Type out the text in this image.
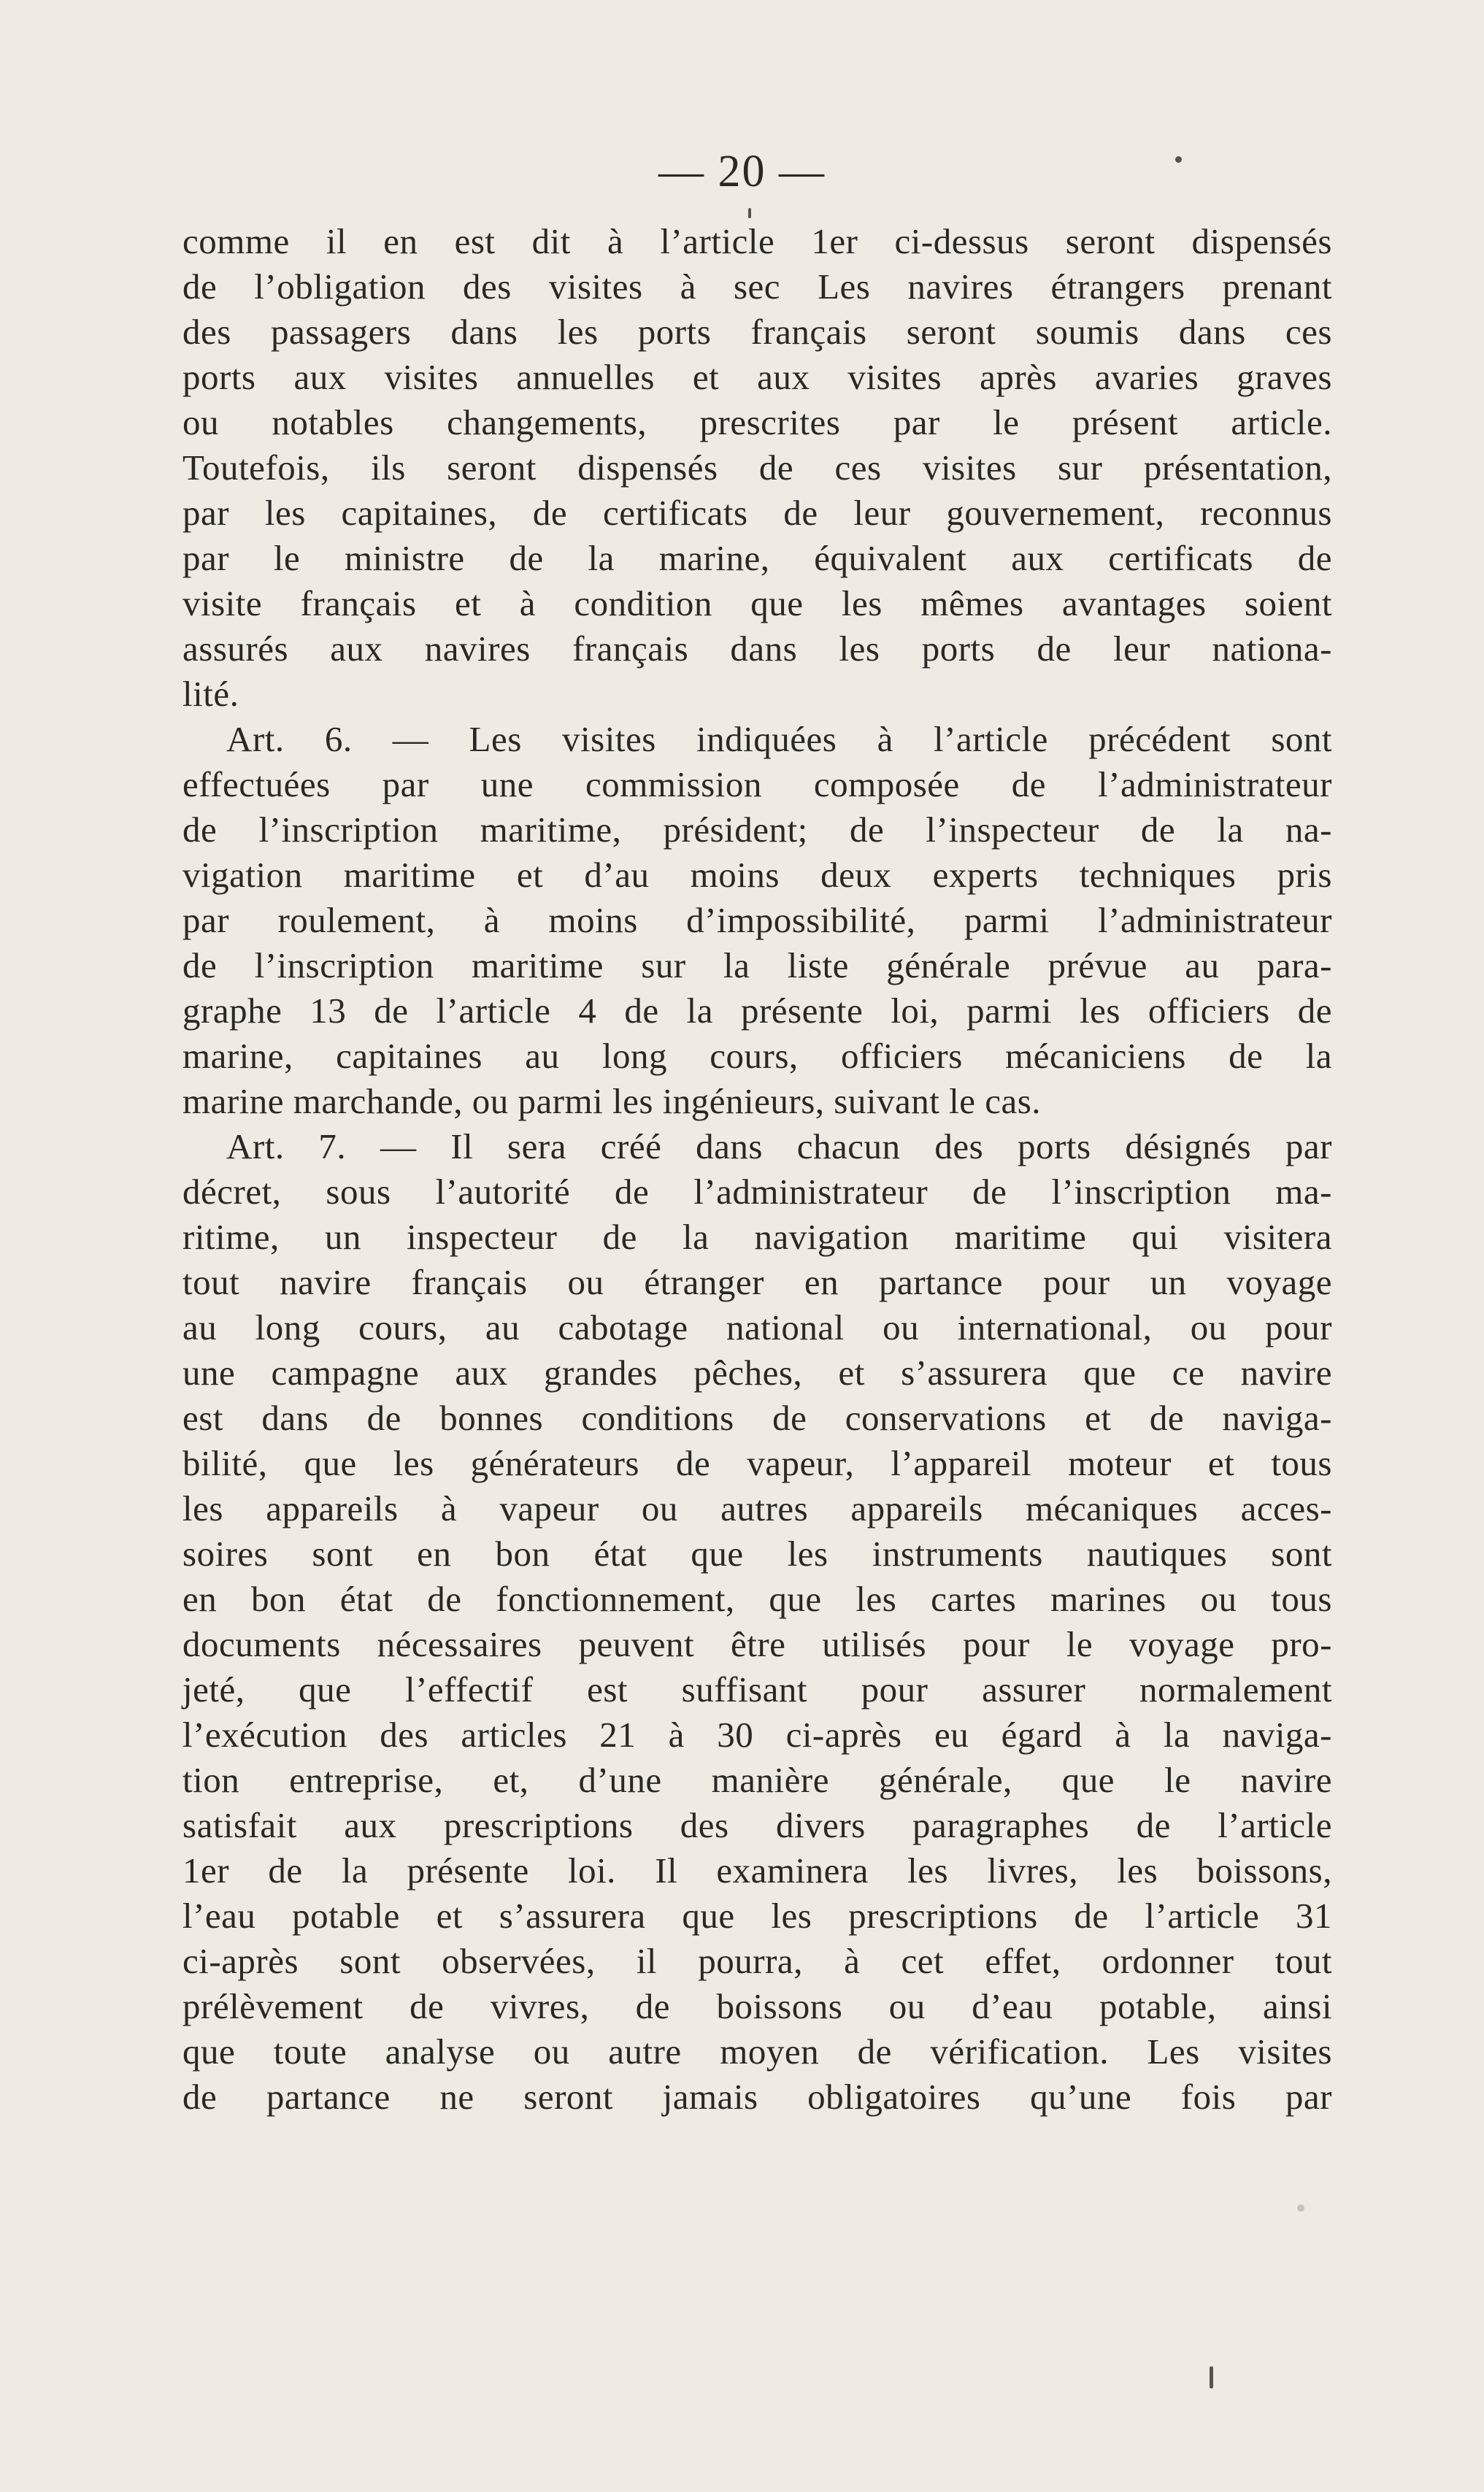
— 20 —
comme il en est dit à l’article 1er ci-dessus seront dispensés
de l’obligation des visites à sec Les navires étrangers prenant
des passagers dans les ports français seront soumis dans ces
ports aux visites annuelles et aux visites après avaries graves
ou notables changements, prescrites par le présent article.
Toutefois, ils seront dispensés de ces visites sur présentation,
par les capitaines, de certificats de leur gouvernement, reconnus
par le ministre de la marine, équivalent aux certificats de
visite français et à condition que les mêmes avantages soient
assurés aux navires français dans les ports de leur nationa-
lité.
Art. 6. — Les visites indiquées à l’article précédent sont
effectuées par une commission composée de l’administrateur
de l’inscription maritime, président; de l’inspecteur de la na-
vigation maritime et d’au moins deux experts techniques pris
par roulement, à moins d’impossibilité, parmi l’administrateur
de l’inscription maritime sur la liste générale prévue au para-
graphe 13 de l’article 4 de la présente loi, parmi les officiers de
marine, capitaines au long cours, officiers mécaniciens de la
marine marchande, ou parmi les ingénieurs, suivant le cas.
Art. 7. — Il sera créé dans chacun des ports désignés par
décret, sous l’autorité de l’administrateur de l’inscription ma-
ritime, un inspecteur de la navigation maritime qui visitera
tout navire français ou étranger en partance pour un voyage
au long cours, au cabotage national ou international, ou pour
une campagne aux grandes pêches, et s’assurera que ce navire
est dans de bonnes conditions de conservations et de naviga-
bilité, que les générateurs de vapeur, l’appareil moteur et tous
les appareils à vapeur ou autres appareils mécaniques acces-
soires sont en bon état que les instruments nautiques sont
en bon état de fonctionnement, que les cartes marines ou tous
documents nécessaires peuvent être utilisés pour le voyage pro-
jeté, que l’effectif est suffisant pour assurer normalement
l’exécution des articles 21 à 30 ci-après eu égard à la naviga-
tion entreprise, et, d’une manière générale, que le navire
satisfait aux prescriptions des divers paragraphes de l’article
1er de la présente loi. Il examinera les livres, les boissons,
l’eau potable et s’assurera que les prescriptions de l’article 31
ci-après sont observées, il pourra, à cet effet, ordonner tout
prélèvement de vivres, de boissons ou d’eau potable, ainsi
que toute analyse ou autre moyen de vérification. Les visites
de partance ne seront jamais obligatoires qu’une fois par
